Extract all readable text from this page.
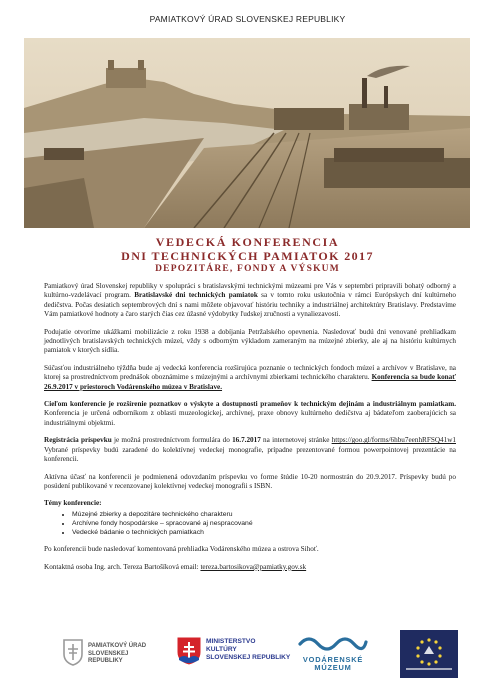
PAMIATKOVÝ ÚRAD SLOVENSKEJ REPUBLIKY
VEDECKÁ KONFERENCIA
DNI TECHNICKÝCH PAMIATOK 2017
DEPOZITÁRE, FONDY A VÝSKUM

Pamiatkový úrad Slovenskej republiky v spolupráci s bratislavskými technickými múzeami pre Vás v septembri pripravili bohatý odborný a kultúrno-vzdelávací program. Bratislavské dni technických pamiatok sa v tomto roku uskutočnia v rámci Európskych dní kultúrneho dedičstva. Počas desiatich septembrových dní s nami môžete objavovať históriu techniky a industriálnej architektúry Bratislavy. Predstavíme Vám pamiatkové hodnoty a čaro starých čias cez úžasné výdobytky ľudskej zručnosti a vynaliezavosti.

Podujatie otvoríme ukážkami mobilizácie z roku 1938 a dobíjania Petržalského opevnenia. Nasledovať budú dni venované prehliadkam jednotlivých bratislavských technických múzeí, vždy s odborným výkladom zameraným na múzejné zbierky, ale aj na históriu kultúrnych pamiatok v ktorých sídlia.

Súčasťou industriálneho týždňa bude aj vedecká konferencia rozširujúca poznanie o technických fondoch múzeí a archívov v Bratislave, na ktorej sa prostredníctvom prednášok oboznámime s múzejnými a archívnymi zbierkami technického charakteru. Konferencia sa bude konať 26.9.2017 v priestoroch Vodárenského múzea v Bratislave.

Cieľom konferencie je rozšírenie poznatkov o výskyte a dostupnosti prameňov k technickým dejinám a industriálnym pamiatkam. Konferencia je určená odborníkom z oblasti muzeologickej, archívnej, praxe obnovy kultúrneho dedičstva aj bádateľom zaoberajúcich sa industriálnymi objektmi.

Registrácia príspevku je možná prostredníctvom formulára do 16.7.2017 na internetovej stránke https://goo.gl/forms/6hbu7eenhRFSQ41w1 Vybrané príspevky budú zaradené do kolektívnej vedeckej monografie, prípadne prezentované formou powerpointovej prezentácie na konferencii.

Aktívna účasť na konferencii je podmienená odovzdaním príspevku vo forme štúdie 10-20 normostrán do 20.9.2017. Príspevky budú po posúdení publikované v recenzovanej kolektívnej vedeckej monografii s ISBN.

Témy konferencie:
• Múzejné zbierky a depozitáre technického charakteru
• Archívne fondy hospodárske – spracované aj nespracované
• Vedecké bádanie o technických pamiatkach

Po konferencii bude nasledovať komentovaná prehliadka Vodárenského múzea a ostrova Sihoť.

Kontaktná osoba Ing. arch. Tereza Bartošíková email: tereza.bartosikova@pamiatky.gov.sk

PAMIATKOVÝ ÚRAD
SLOVENSKEJ REPUBLIKY
MINISTERSTVO
KULTÚRY
SLOVENSKEJ REPUBLIKY	VODÁRENSKÉ
MÚZEUM
